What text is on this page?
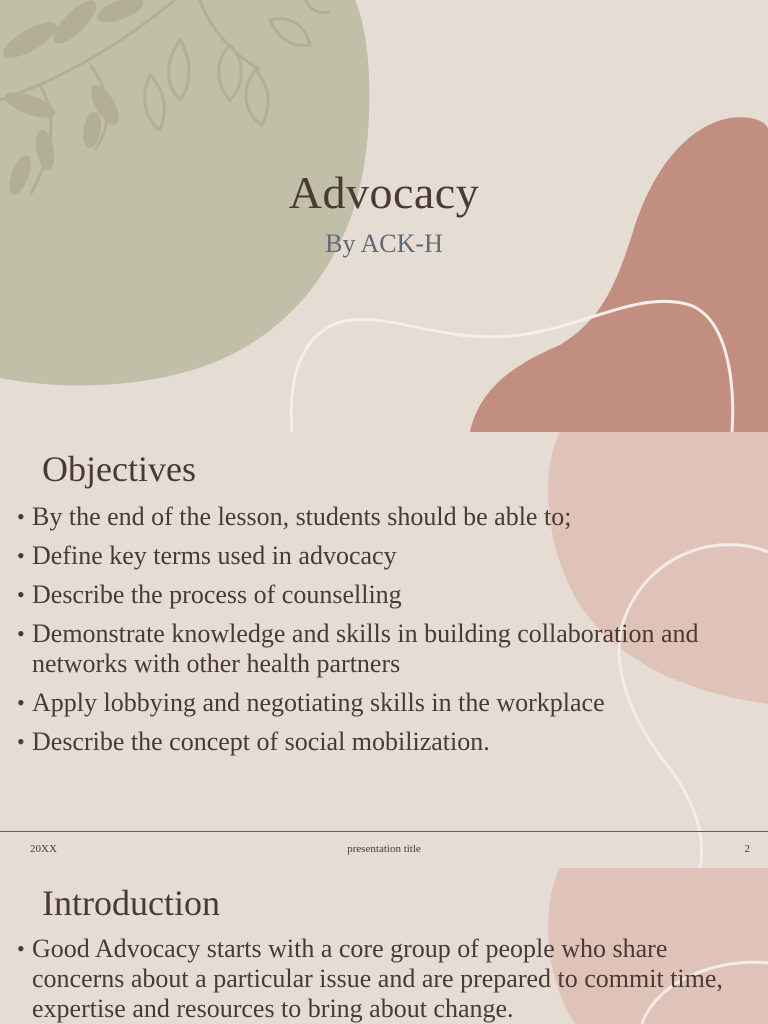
Advocacy
By ACK-H
Objectives
• By the end of the lesson, students should be able to;
• Define key terms used in advocacy
• Describe the process of counselling
• Demonstrate knowledge and skills in building collaboration and networks with other health partners
• Apply lobbying and negotiating skills in the workplace
• Describe the concept of social mobilization.
20XX	presentation title	2
Introduction
• Good Advocacy starts with a core group of people who share concerns about a particular issue and are prepared to commit time, expertise and resources to bring about change.
